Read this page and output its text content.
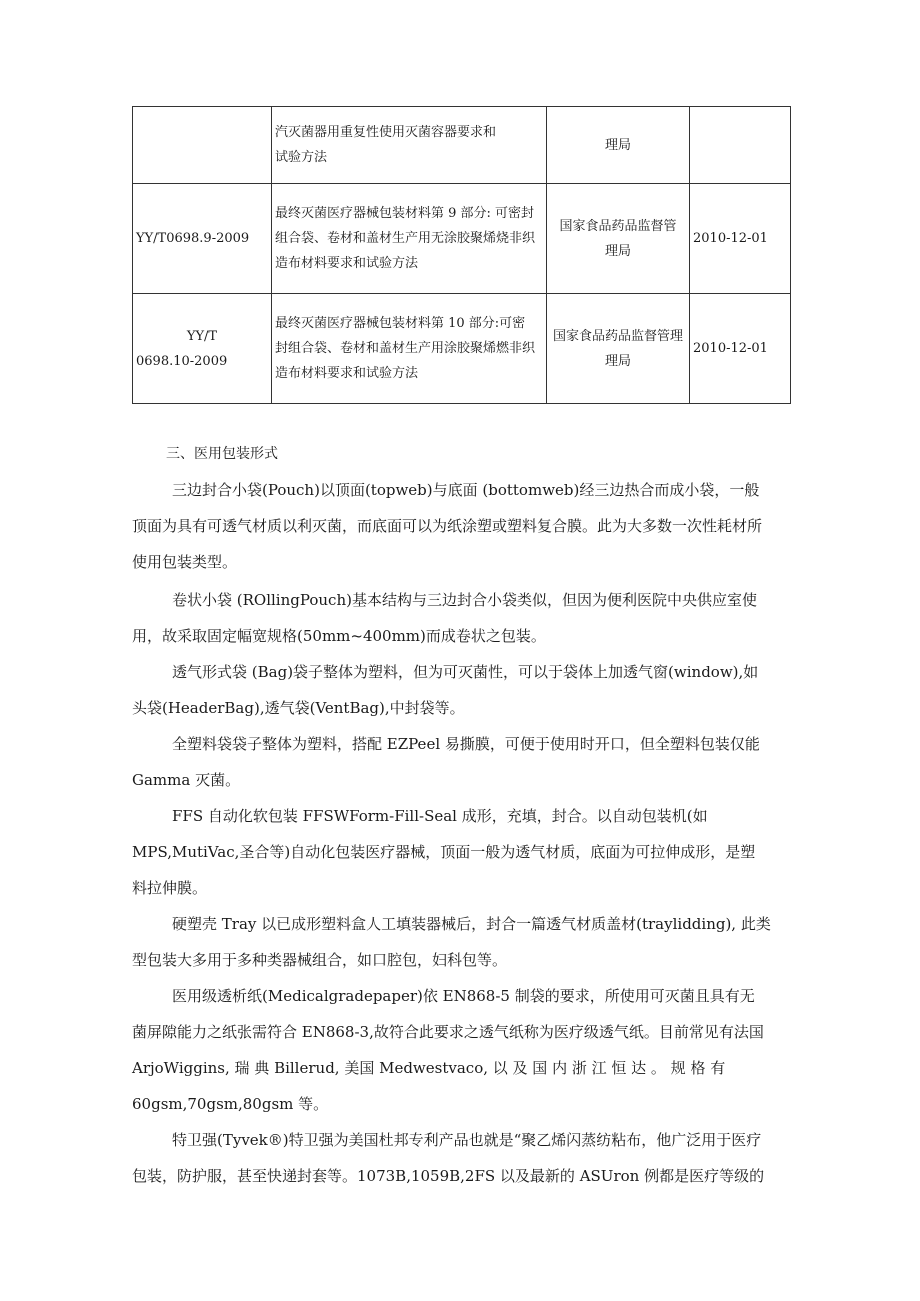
	汽灭菌器用重复性使用灭菌容器要求和
试验方法	理局	

YY/T0698.9-2009	最终灭菌医疗器械包装材料第 9 部分: 可密封
组合袋、卷材和盖材生产用无涂胶聚烯烧非织
造布材料要求和试验方法	国家食品药品监督管
理局	2010-12-01

YY/T
0698.10-2009	最终灭菌医疗器械包装材料第 10 部分:可密
封组合袋、卷材和盖材生产用涂胶聚烯燃非织
造布材料要求和试验方法	国家食品药品监督管理
理局	2010-12-01
三、医用包装形式
三边封合小袋(Pouch)以顶面(topweb)与底面 (bottomweb)经三边热合而成小袋，一般
顶面为具有可透气材质以利灭菌，而底面可以为纸涂塑或塑料复合膜。此为大多数一次性耗材所
使用包装类型。
卷状小袋 (ROllingPouch)基本结构与三边封合小袋类似，但因为便利医院中央供应室使
用，故采取固定幅宽规格(50mm~400mm)而成卷状之包装。
透气形式袋 (Bag)袋子整体为塑料，但为可灭菌性，可以于袋体上加透气窗(window),如
头袋(HeaderBag),透气袋(VentBag),中封袋等。
全塑料袋袋子整体为塑料，搭配 EZPeel 易撕膜，可便于使用时开口，但全塑料包装仅能
Gamma 灭菌。
FFS 自动化软包装 FFSWForm-Fill-Seal 成形，充填，封合。以自动包装机(如
MPS,MutiVac,圣合等)自动化包装医疗器械，顶面一般为透气材质，底面为可拉伸成形，是塑
料拉伸膜。
硬塑壳 Tray 以已成形塑料盒人工填装器械后，封合一篇透气材质盖材(traylidding), 此类
型包装大多用于多种类器械组合，如口腔包，妇科包等。
医用级透析纸(Medicalgradepaper)依 EN868-5 制袋的要求，所使用可灭菌且具有无
菌屏隙能力之纸张需符合 EN868-3,故符合此要求之透气纸称为医疗级透气纸。目前常见有法国
ArjoWiggins, 瑞 典 Billerud, 美国 Medwestvaco, 以 及 国 内 浙 江 恒 达 。 规 格 有
60gsm,70gsm,80gsm 等。
特卫强(Tyvek®)特卫强为美国杜邦专利产品也就是“聚乙烯闪蒸纺粘布，他广泛用于医疗
包装，防护服，甚至快递封套等。1073B,1059B,2FS 以及最新的 ASUron 例都是医疗等级的
